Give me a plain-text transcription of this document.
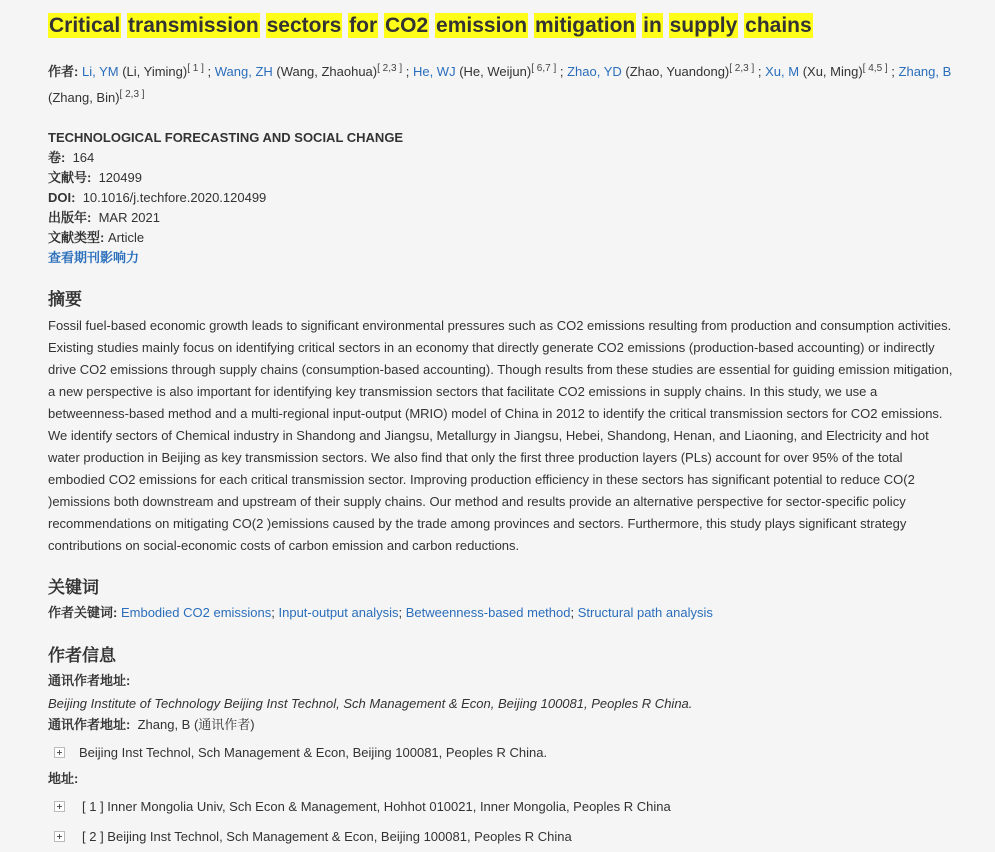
Critical transmission sectors for CO2 emission mitigation in supply chains
作者: Li, YM (Li, Yiming)[ 1 ] ; Wang, ZH (Wang, Zhaohua)[ 2,3 ] ; He, WJ (He, Weijun)[ 6,7 ] ; Zhao, YD (Zhao, Yuandong)[ 2,3 ] ; Xu, M (Xu, Ming)[ 4,5 ] ; Zhang, B (Zhang, Bin)[ 2,3 ]
TECHNOLOGICAL FORECASTING AND SOCIAL CHANGE
卷: 164
文献号: 120499
DOI: 10.1016/j.techfore.2020.120499
出版年: MAR 2021
文献类型: Article
查看期刊影响力
摘要

Fossil fuel-based economic growth leads to significant environmental pressures such as CO2 emissions resulting from production and consumption activities. Existing studies mainly focus on identifying critical sectors in an economy that directly generate CO2 emissions (production-based accounting) or indirectly drive CO2 emissions through supply chains (consumption-based accounting). Though results from these studies are essential for guiding emission mitigation, a new perspective is also important for identifying key transmission sectors that facilitate CO2 emissions in supply chains. In this study, we use a betweenness-based method and a multi-regional input-output (MRIO) model of China in 2012 to identify the critical transmission sectors for CO2 emissions. We identify sectors of Chemical industry in Shandong and Jiangsu, Metallurgy in Jiangsu, Hebei, Shandong, Henan, and Liaoning, and Electricity and hot water production in Beijing as key transmission sectors. We also find that only the first three production layers (PLs) account for over 95% of the total embodied CO2 emissions for each critical transmission sector. Improving production efficiency in these sectors has significant potential to reduce CO(2 )emissions both downstream and upstream of their supply chains. Our method and results provide an alternative perspective for sector-specific policy recommendations on mitigating CO(2 )emissions caused by the trade among provinces and sectors. Furthermore, this study plays significant strategy contributions on social-economic costs of carbon emission and carbon reductions.

关键词
作者关键词: Embodied CO2 emissions; Input-output analysis; Betweenness-based method; Structural path analysis
作者信息
通讯作者地址:
Beijing Institute of Technology Beijing Inst Technol, Sch Management & Econ, Beijing 100081, Peoples R China.
通讯作者地址: Zhang, B (通讯作者)
Beijing Inst Technol, Sch Management & Econ, Beijing 100081, Peoples R China.
地址:
[ 1 ] Inner Mongolia Univ, Sch Econ & Management, Hohhot 010021, Inner Mongolia, Peoples R China
[ 2 ] Beijing Inst Technol, Sch Management & Econ, Beijing 100081, Peoples R China
